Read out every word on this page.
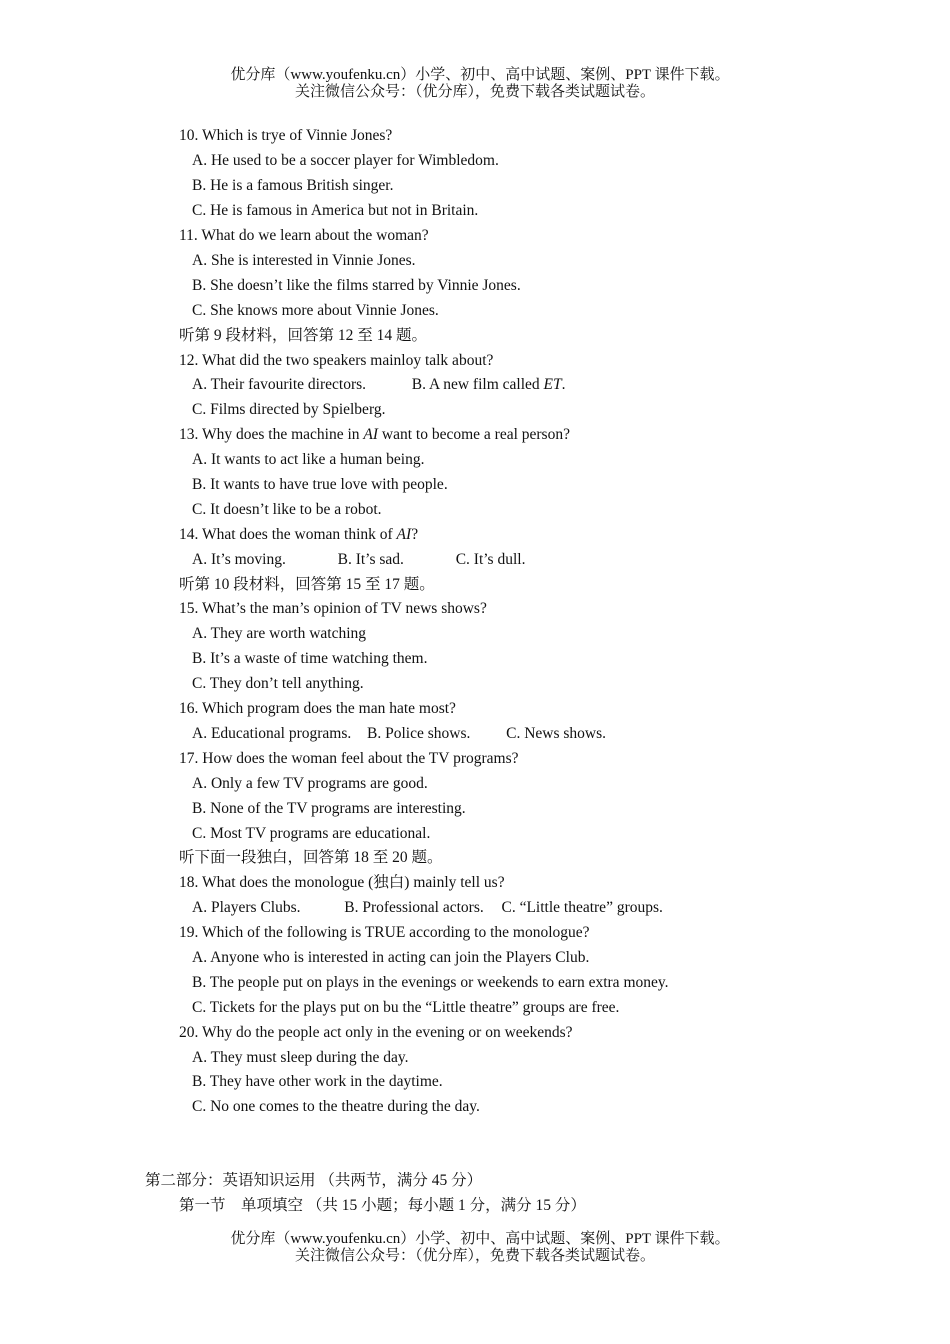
优分库（www.youfenku.cn）小学、初中、高中试题、案例、PPT 课件下载。
关注微信公众号：（优分库），免费下载各类试题试卷。
10. Which is trye of Vinnie Jones?
A. He used to be a soccer player for Wimbledom.
B. He is a famous British singer.
C. He is famous in America but not in Britain.
11. What do we learn about the woman?
A. She is interested in Vinnie Jones.
B. She doesn’t like the films starred by Vinnie Jones.
C. She knows more about Vinnie Jones.
听第 9 段材料，回答第 12 至 14 题。
12. What did the two speakers mainloy talk about?
A. Their favourite directors.	B. A new film called ET.
C. Films directed by Spielberg.
13. Why does the machine in AI want to become a real person?
A. It wants to act like a human being.
B. It wants to have true love with people.
C. It doesn’t like to be a robot.
14. What does the woman think of AI?
A. It’s moving.	B. It’s sad.	C. It’s dull.
听第 10 段材料，回答第 15 至 17 题。
15. What’s the man’s opinion of TV news shows?
A. They are worth watching
B. It’s a waste of time watching them.
C. They don’t tell anything.
16. Which program does the man hate most?
A. Educational programs. B. Police shows. C. News shows.
17. How does the woman feel about the TV programs?
A. Only a few TV programs are good.
B. None of the TV programs are interesting.
C. Most TV programs are educational.
听下面一段独白，回答第 18 至 20 题。
18. What does the monologue (独白) mainly tell us?
A. Players Clubs.	B. Professional actors. C. “Little theatre” groups.
19. Which of the following is TRUE according to the monologue?
A. Anyone who is interested in acting can join the Players Club.
B. The people put on plays in the evenings or weekends to earn extra money.
C. Tickets for the plays put on bu the “Little theatre” groups are free.
20. Why do the people act only in the evening or on weekends?
A. They must sleep during the day.
B. They have other work in the daytime.
C. No one comes to the theatre during the day.
第二部分：英语知识运用 （共两节，满分 45 分）
第一节　单项填空 （共 15 小题；每小题 1 分，满分 15 分）
优分库（www.youfenku.cn）小学、初中、高中试题、案例、PPT 课件下载。
关注微信公众号：（优分库），免费下载各类试题试卷。
